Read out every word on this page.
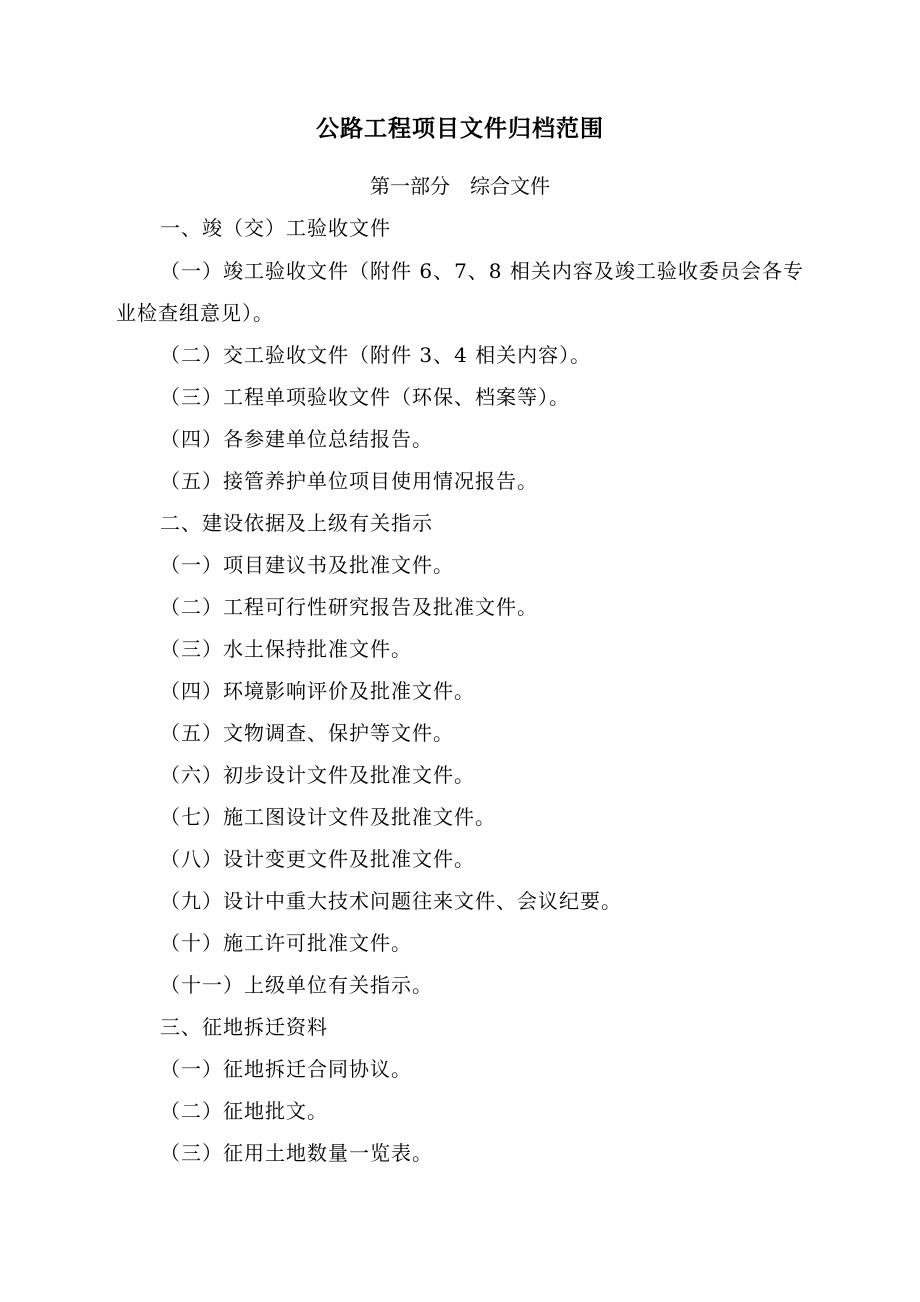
公路工程项目文件归档范围
第一部分　综合文件
一、竣（交）工验收文件
（一）竣工验收文件（附件 6、7、8 相关内容及竣工验收委员会各专
业检查组意见）。
（二）交工验收文件（附件 3、4 相关内容）。
（三）工程单项验收文件（环保、档案等）。
（四）各参建单位总结报告。
（五）接管养护单位项目使用情况报告。
二、建设依据及上级有关指示
（一）项目建议书及批准文件。
（二）工程可行性研究报告及批准文件。
（三）水土保持批准文件。
（四）环境影响评价及批准文件。
（五）文物调查、保护等文件。
（六）初步设计文件及批准文件。
（七）施工图设计文件及批准文件。
（八）设计变更文件及批准文件。
（九）设计中重大技术问题往来文件、会议纪要。
（十）施工许可批准文件。
（十一）上级单位有关指示。
三、征地拆迁资料
（一）征地拆迁合同协议。
（二）征地批文。
（三）征用土地数量一览表。
